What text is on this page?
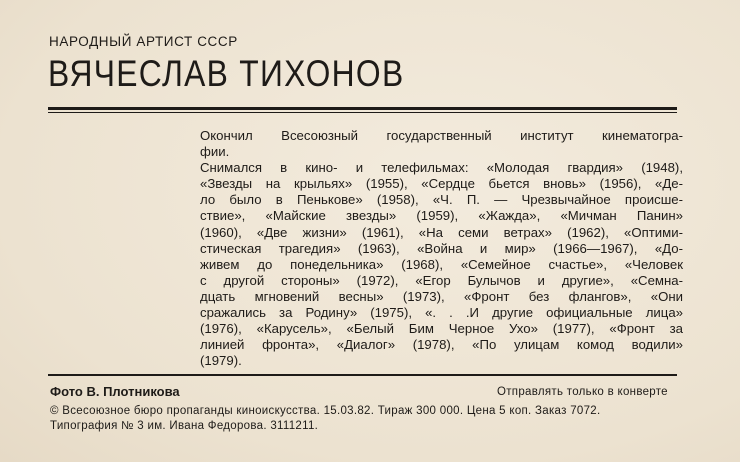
НАРОДНЫЙ АРТИСТ СССР
ВЯЧЕСЛАВ ТИХОНОВ
Окончил Всесоюзный государственный институт кинематогра-
фии.
Снимался в кино- и телефильмах: «Молодая гвардия» (1948),
«Звезды на крыльях» (1955), «Сердце бьется вновь» (1956), «Де-
ло было в Пенькове» (1958), «Ч. П. — Чрезвычайное происше-
ствие», «Майские звезды» (1959), «Жажда», «Мичман Панин»
(1960), «Две жизни» (1961), «На семи ветрах» (1962), «Оптими-
стическая трагедия» (1963), «Война и мир» (1966—1967), «До-
живем до понедельника» (1968), «Семейное счастье», «Человек
с другой стороны» (1972), «Егор Булычов и другие», «Семна-
дцать мгновений весны» (1973), «Фронт без флангов», «Они
сражались за Родину» (1975), «. . .И другие официальные лица»
(1976), «Карусель», «Белый Бим Черное Ухо» (1977), «Фронт за
линией фронта», «Диалог» (1978), «По улицам комод водили»
(1979).
Фото В. Плотникова	Отправлять только в конверте
© Всесоюзное бюро пропаганды киноискусства. 15.03.82. Тираж 300 000. Цена 5 коп. Заказ 7072.
Типография № 3 им. Ивана Федорова. 3111211.
